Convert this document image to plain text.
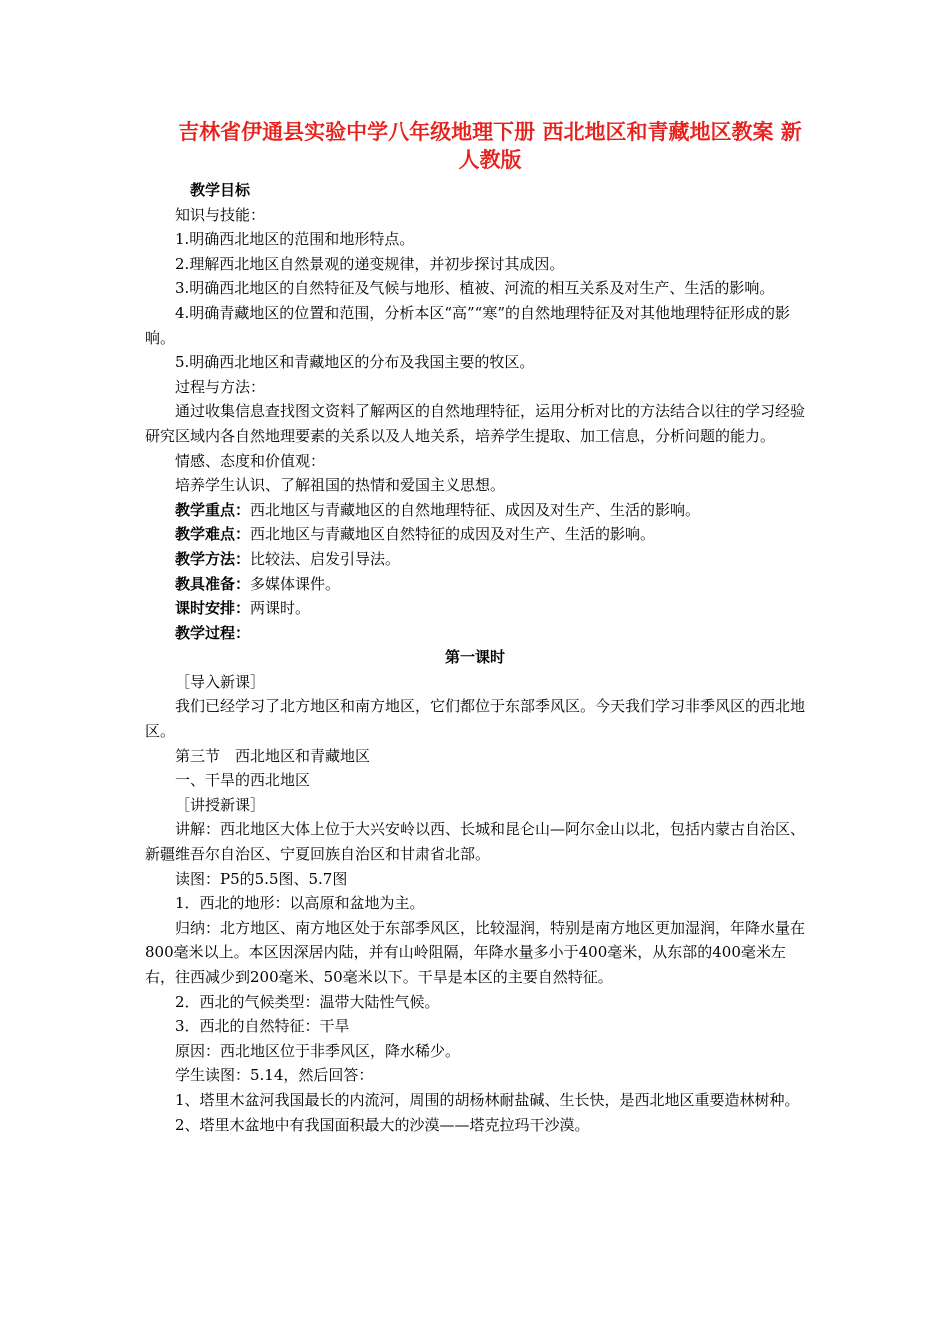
吉林省伊通县实验中学八年级地理下册 西北地区和青藏地区教案 新人教版

教学目标

知识与技能：

1.明确西北地区的范围和地形特点。

2.理解西北地区自然景观的递变规律，并初步探讨其成因。

3.明确西北地区的自然特征及气候与地形、植被、河流的相互关系及对生产、生活的影响。

4.明确青藏地区的位置和范围，分析本区“高”“寒”的自然地理特征及对其他地理特征形成的影响。

5.明确西北地区和青藏地区的分布及我国主要的牧区。

过程与方法：

通过收集信息查找图文资料了解两区的自然地理特征，运用分析对比的方法结合以往的学习经验研究区域内各自然地理要素的关系以及人地关系，培养学生提取、加工信息，分析问题的能力。

情感、态度和价值观：

培养学生认识、了解祖国的热情和爱国主义思想。

教学重点：西北地区与青藏地区的自然地理特征、成因及对生产、生活的影响。

教学难点：西北地区与青藏地区自然特征的成因及对生产、生活的影响。

教学方法：比较法、启发引导法。

教具准备：多媒体课件。

课时安排：两课时。

教学过程：

第一课时

［导入新课］

我们已经学习了北方地区和南方地区，它们都位于东部季风区。今天我们学习非季风区的西北地区。

第三节　西北地区和青藏地区

一、干旱的西北地区

［讲授新课］

讲解：西北地区大体上位于大兴安岭以西、长城和昆仑山—阿尔金山以北，包括内蒙古自治区、新疆维吾尔自治区、宁夏回族自治区和甘肃省北部。

读图：P5的5.5图、5.7图

1．西北的地形：以高原和盆地为主。

归纳：北方地区、南方地区处于东部季风区，比较湿润，特别是南方地区更加湿润，年降水量在800毫米以上。本区因深居内陆，并有山岭阻隔，年降水量多小于400毫米，从东部的400毫米左右，往西减少到200毫米、50毫米以下。干旱是本区的主要自然特征。

2．西北的气候类型：温带大陆性气候。

3．西北的自然特征：干旱

原因：西北地区位于非季风区，降水稀少。

学生读图：5.14，然后回答：

1、塔里木盆河我国最长的内流河，周围的胡杨林耐盐碱、生长快，是西北地区重要造林树种。

2、塔里木盆地中有我国面积最大的沙漠——塔克拉玛干沙漠。
